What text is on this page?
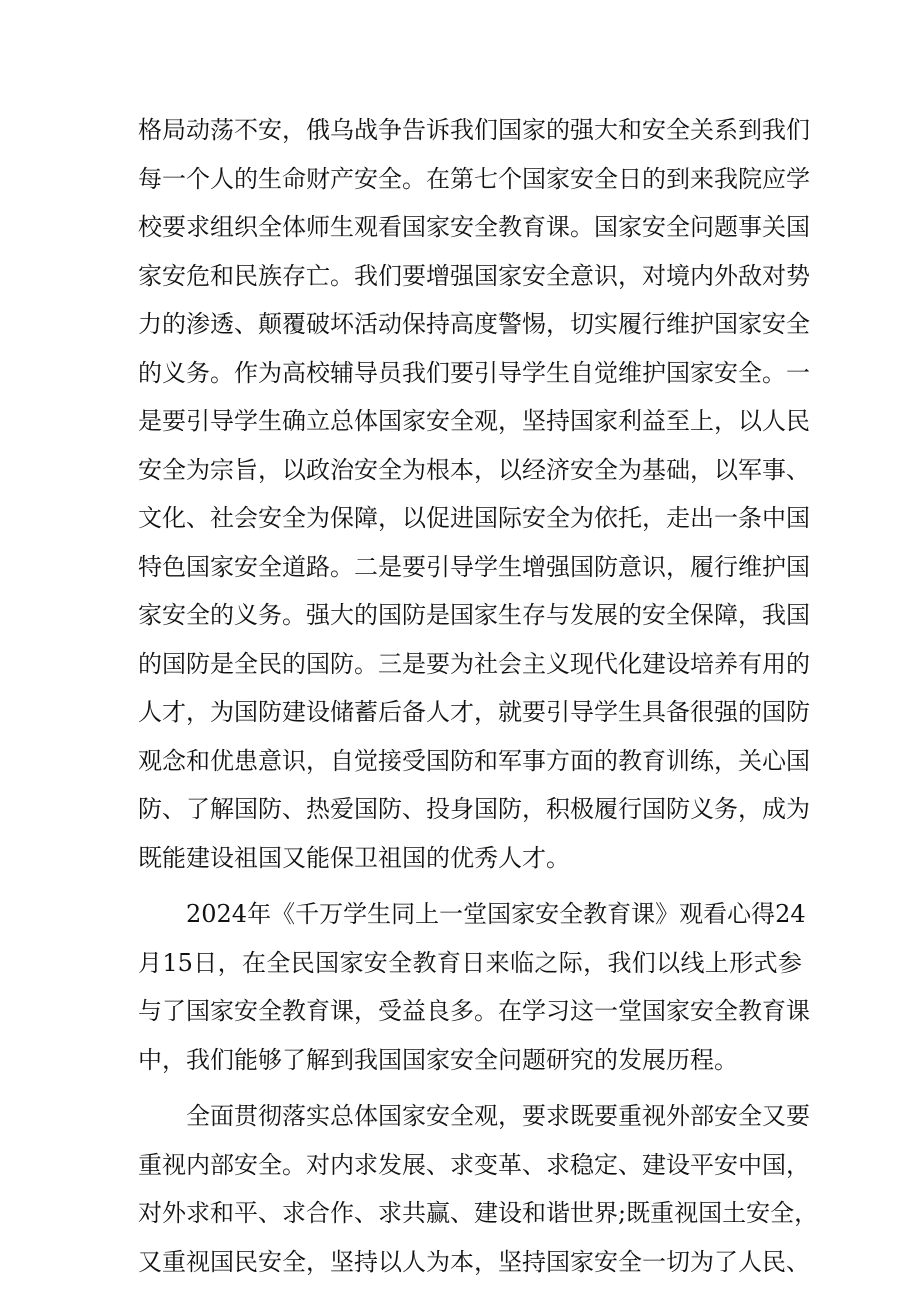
格局动荡不安，俄乌战争告诉我们国家的强大和安全关系到我们
每一个人的生命财产安全。在第七个国家安全日的到来我院应学
校要求组织全体师生观看国家安全教育课。国家安全问题事关国
家安危和民族存亡。我们要增强国家安全意识，对境内外敌对势
力的渗透、颠覆破坏活动保持高度警惕，切实履行维护国家安全
的义务。作为高校辅导员我们要引导学生自觉维护国家安全。一
是要引导学生确立总体国家安全观，坚持国家利益至上，以人民
安全为宗旨，以政治安全为根本，以经济安全为基础，以军事、
文化、社会安全为保障，以促进国际安全为依托，走出一条中国
特色国家安全道路。二是要引导学生增强国防意识，履行维护国
家安全的义务。强大的国防是国家生存与发展的安全保障，我国
的国防是全民的国防。三是要为社会主义现代化建设培养有用的
人才，为国防建设储蓄后备人才，就要引导学生具备很强的国防
观念和优患意识，自觉接受国防和军事方面的教育训练，关心国
防、了解国防、热爱国防、投身国防，积极履行国防义务，成为
既能建设祖国又能保卫祖国的优秀人才。
2024年《千万学生同上一堂国家安全教育课》观看心得24
月15日，在全民国家安全教育日来临之际，我们以线上形式参
与了国家安全教育课，受益良多。在学习这一堂国家安全教育课
中，我们能够了解到我国国家安全问题研究的发展历程。
全面贯彻落实总体国家安全观，要求既要重视外部安全又要
重视内部安全。对内求发展、求变革、求稳定、建设平安中国，
对外求和平、求合作、求共赢、建设和谐世界;既重视国土安全，
又重视国民安全，坚持以人为本，坚持国家安全一切为了人民、
